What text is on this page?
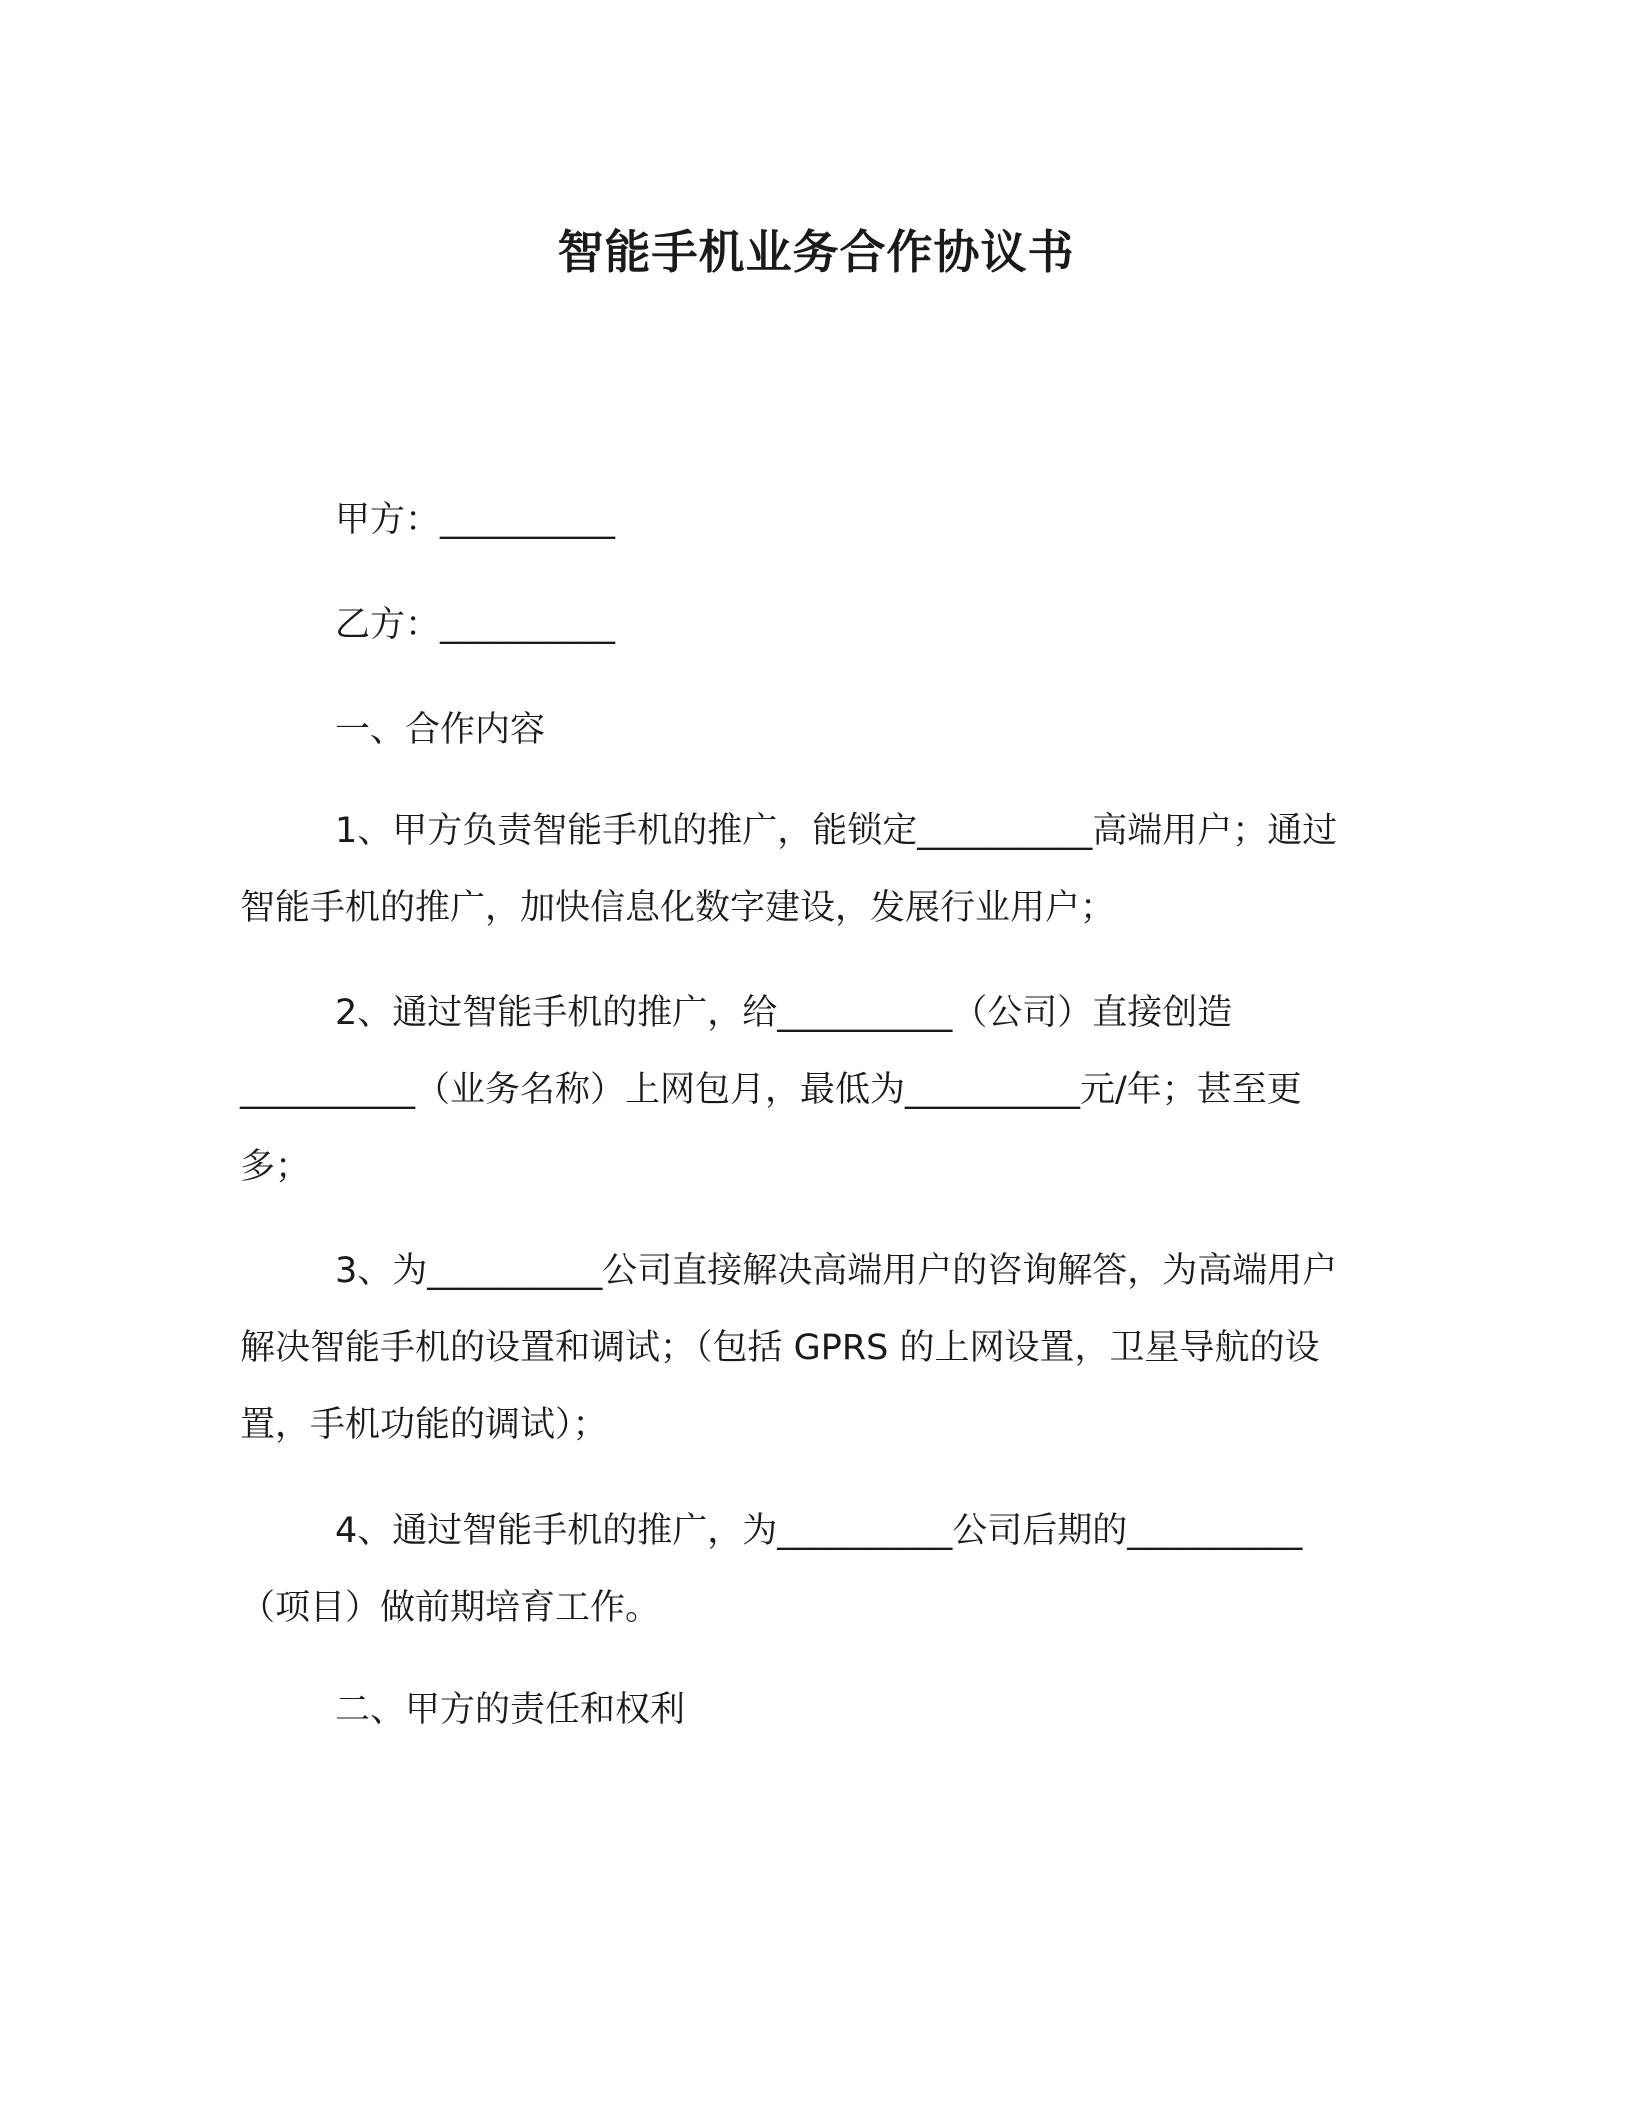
智能手机业务合作协议书
甲方：__________
乙方：__________
一、合作内容

1、甲方负责智能手机的推广，能锁定__________高端用户；通过智能手机的推广，加快信息化数字建设，发展行业用户；

2、通过智能手机的推广，给__________（公司）直接创造__________（业务名称）上网包月，最低为__________元/年；甚至更多；

3、为__________公司直接解决高端用户的咨询解答，为高端用户解决智能手机的设置和调试；（包括 GPRS 的上网设置，卫星导航的设置，手机功能的调试）；

4、通过智能手机的推广，为__________公司后期的__________（项目）做前期培育工作。

二、甲方的责任和权利
